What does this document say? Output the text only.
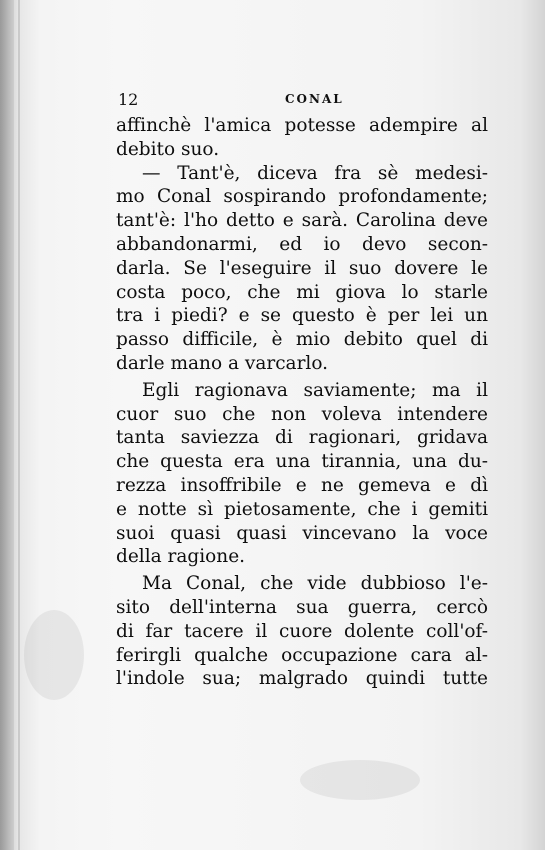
12	CONAL
affinchè l'amica potesse adempire al
debito suo.
— Tant'è, diceva fra sè medesi-
mo Conal sospirando profondamente;
tant'è: l'ho detto e sarà. Carolina deve
abbandonarmi, ed io devo secon-
darla. Se l'eseguire il suo dovere le
costa poco, che mi giova lo starle
tra i piedi? e se questo è per lei un
passo difficile, è mio debito quel di
darle mano a varcarlo.
Egli ragionava saviamente; ma il
cuor suo che non voleva intendere
tanta saviezza di ragionari, gridava
che questa era una tirannia, una du-
rezza insoffribile e ne gemeva e dì
e notte sì pietosamente, che i gemiti
suoi quasi quasi vincevano la voce
della ragione.
Ma Conal, che vide dubbioso l'e-
sito dell'interna sua guerra, cercò
di far tacere il cuore dolente coll'of-
ferirgli qualche occupazione cara al-
l'indole sua; malgrado quindi tutte
